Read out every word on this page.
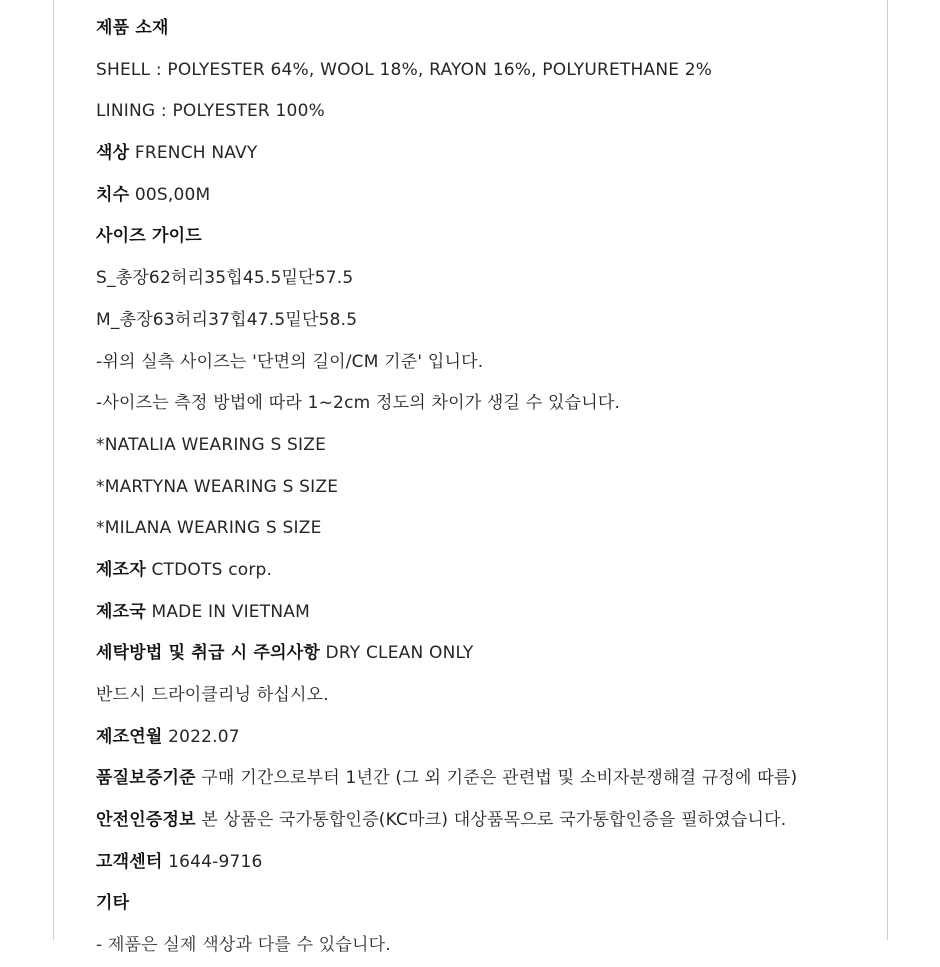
제품 소재
SHELL : POLYESTER 64%, WOOL 18%, RAYON 16%, POLYURETHANE 2%
LINING : POLYESTER 100%
색상 FRENCH NAVY
치수 00S,00M
사이즈 가이드
S_총장62허리35힙45.5밑단57.5
M_총장63허리37힙47.5밑단58.5
-위의 실측 사이즈는 '단면의 길이/CM 기준' 입니다.
-사이즈는 측정 방법에 따라 1~2cm 정도의 차이가 생길 수 있습니다.
*NATALIA WEARING S SIZE
*MARTYNA WEARING S SIZE
*MILANA WEARING S SIZE
제조자 CTDOTS corp.
제조국 MADE IN VIETNAM
세탁방법 및 취급 시 주의사항 DRY CLEAN ONLY
반드시 드라이클리닝 하십시오.
제조연월 2022.07
품질보증기준 구매 기간으로부터 1년간 (그 외 기준은 관련법 및 소비자분쟁해결 규정에 따름)
안전인증정보 본 상품은 국가통합인증(KC마크) 대상품목으로 국가통합인증을 필하였습니다.
고객센터 1644-9716
기타
- 제품은 실제 색상과 다를 수 있습니다.
